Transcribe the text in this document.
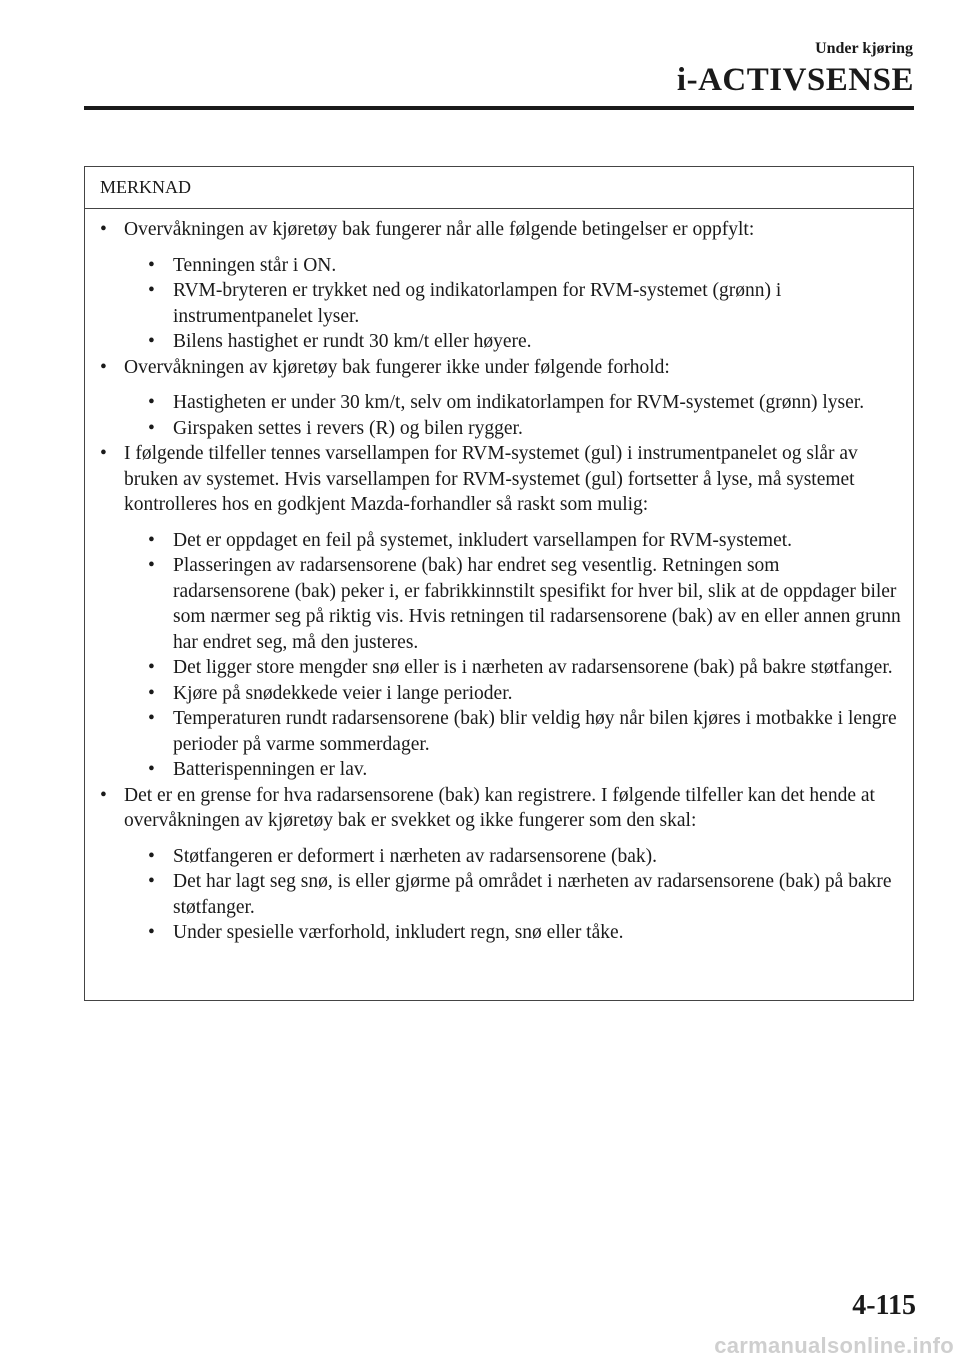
Under kjøring
i-ACTIVSENSE
MERKNAD
• Overvåkningen av kjøretøy bak fungerer når alle følgende betingelser er oppfylt:
• Tenningen står i ON.
• RVM-bryteren er trykket ned og indikatorlampen for RVM-systemet (grønn) i instrumentpanelet lyser.
• Bilens hastighet er rundt 30 km/t eller høyere.
• Overvåkningen av kjøretøy bak fungerer ikke under følgende forhold:
• Hastigheten er under 30 km/t, selv om indikatorlampen for RVM-systemet (grønn) lyser.
• Girspaken settes i revers (R) og bilen rygger.
• I følgende tilfeller tennes varsellampen for RVM-systemet (gul) i instrumentpanelet og slår av bruken av systemet. Hvis varsellampen for RVM-systemet (gul) fortsetter å lyse, må systemet kontrolleres hos en godkjent Mazda-forhandler så raskt som mulig:
• Det er oppdaget en feil på systemet, inkludert varsellampen for RVM-systemet.
• Plasseringen av radarsensorene (bak) har endret seg vesentlig. Retningen som radarsensorene (bak) peker i, er fabrikkinnstilt spesifikt for hver bil, slik at de oppdager biler som nærmer seg på riktig vis. Hvis retningen til radarsensorene (bak) av en eller annen grunn har endret seg, må den justeres.
• Det ligger store mengder snø eller is i nærheten av radarsensorene (bak) på bakre støtfanger.
• Kjøre på snødekkede veier i lange perioder.
• Temperaturen rundt radarsensorene (bak) blir veldig høy når bilen kjøres i motbakke i lengre perioder på varme sommerdager.
• Batterispenningen er lav.
• Det er en grense for hva radarsensorene (bak) kan registrere. I følgende tilfeller kan det hende at overvåkningen av kjøretøy bak er svekket og ikke fungerer som den skal:
• Støtfangeren er deformert i nærheten av radarsensorene (bak).
• Det har lagt seg snø, is eller gjørme på området i nærheten av radarsensorene (bak) på bakre støtfanger.
• Under spesielle værforhold, inkludert regn, snø eller tåke.
4-115
carmanualsonline.info
